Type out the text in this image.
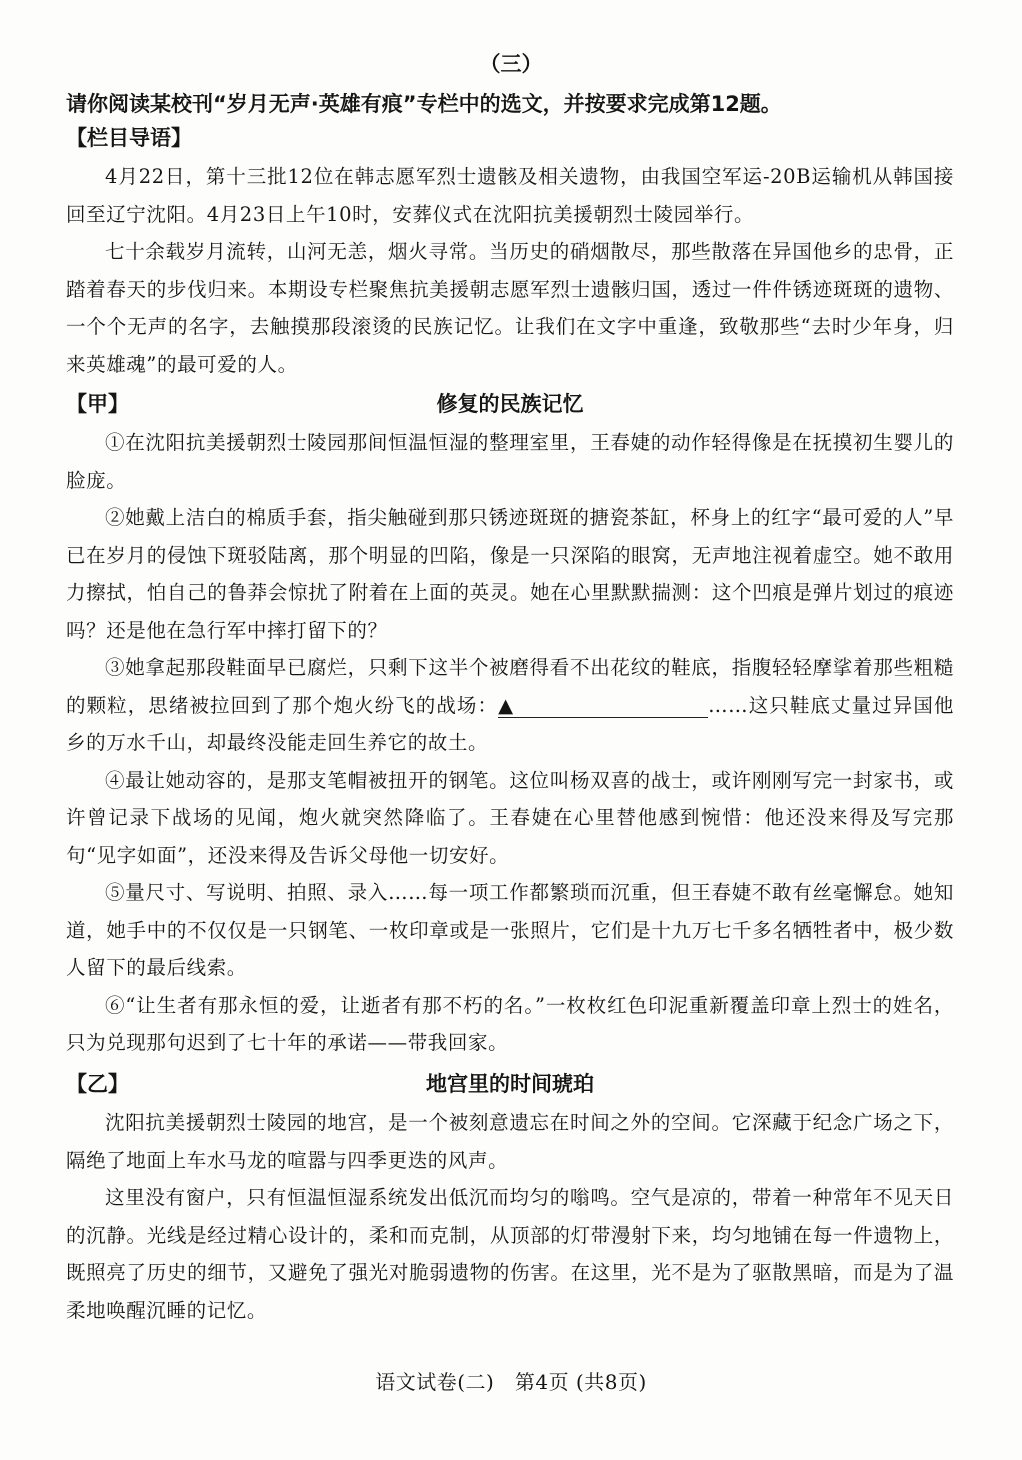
（三）
请你阅读某校刊“岁月无声·英雄有痕”专栏中的选文，并按要求完成第12题。
【栏目导语】

4月22日，第十三批12位在韩志愿军烈士遗骸及相关遗物，由我国空军运-20B运输机从韩国接回至辽宁沈阳。4月23日上午10时，安葬仪式在沈阳抗美援朝烈士陵园举行。

七十余载岁月流转，山河无恙，烟火寻常。当历史的硝烟散尽，那些散落在异国他乡的忠骨，正踏着春天的步伐归来。本期设专栏聚焦抗美援朝志愿军烈士遗骸归国，透过一件件锈迹斑斑的遗物、一个个无声的名字，去触摸那段滚烫的民族记忆。让我们在文字中重逢，致敬那些“去时少年身，归来英雄魂”的最可爱的人。

修复的民族记忆
【甲】

①在沈阳抗美援朝烈士陵园那间恒温恒湿的整理室里，王春婕的动作轻得像是在抚摸初生婴儿的脸庞。

②她戴上洁白的棉质手套，指尖触碰到那只锈迹斑斑的搪瓷茶缸，杯身上的红字“最可爱的人”早已在岁月的侵蚀下斑驳陆离，那个明显的凹陷，像是一只深陷的眼窝，无声地注视着虚空。她不敢用力擦拭，怕自己的鲁莽会惊扰了附着在上面的英灵。她在心里默默揣测：这个凹痕是弹片划过的痕迹吗？还是他在急行军中摔打留下的？

③她拿起那段鞋面早已腐烂，只剩下这半个被磨得看不出花纹的鞋底，指腹轻轻摩挲着那些粗糙的颗粒，思绪被拉回到了那个炮火纷飞的战场：▲	……这只鞋底丈量过异国他乡的万水千山，却最终没能走回生养它的故土。

④最让她动容的，是那支笔帽被扭开的钢笔。这位叫杨双喜的战士，或许刚刚写完一封家书，或许曾记录下战场的见闻，炮火就突然降临了。王春婕在心里替他感到惋惜：他还没来得及写完那句“见字如面”，还没来得及告诉父母他一切安好。

⑤量尺寸、写说明、拍照、录入……每一项工作都繁琐而沉重，但王春婕不敢有丝毫懈怠。她知道，她手中的不仅仅是一只钢笔、一枚印章或是一张照片，它们是十九万七千多名牺牲者中，极少数人留下的最后线索。

⑥“让生者有那永恒的爱，让逝者有那不朽的名。”一枚枚红色印泥重新覆盖印章上烈士的姓名，只为兑现那句迟到了七十年的承诺——带我回家。

地宫里的时间琥珀
【乙】

沈阳抗美援朝烈士陵园的地宫，是一个被刻意遗忘在时间之外的空间。它深藏于纪念广场之下，隔绝了地面上车水马龙的喧嚣与四季更迭的风声。

这里没有窗户，只有恒温恒湿系统发出低沉而均匀的嗡鸣。空气是凉的，带着一种常年不见天日的沉静。光线是经过精心设计的，柔和而克制，从顶部的灯带漫射下来，均匀地铺在每一件遗物上，既照亮了历史的细节，又避免了强光对脆弱遗物的伤害。在这里，光不是为了驱散黑暗，而是为了温柔地唤醒沉睡的记忆。

语文试卷(二)　第4页 (共8页)
